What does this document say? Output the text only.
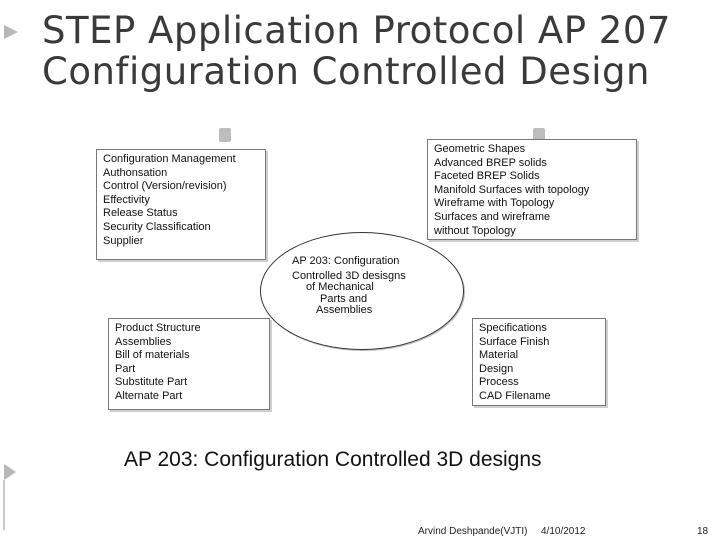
STEP Application Protocol AP 207
Configuration Controlled Design
Configuration Management
Authonsation
Control (Version/revision)
Effectivity
Release Status
Security Classification
Supplier
Geometric Shapes
Advanced BREP solids
Faceted BREP Solids
Manifold Surfaces with topology
Wireframe with Topology
Surfaces and wireframe
without Topology
AP 203: Configuration
Controlled 3D desisgns
of Mechanical
Parts and
Assemblies
Product Structure
Assemblies
Bill of materials
Part
Substitute Part
Alternate Part
Specifications
Surface Finish
Material
Design
Process
CAD Filename
AP 203: Configuration Controlled 3D designs
Arvind Deshpande(VJTI) 4/10/2012	18
